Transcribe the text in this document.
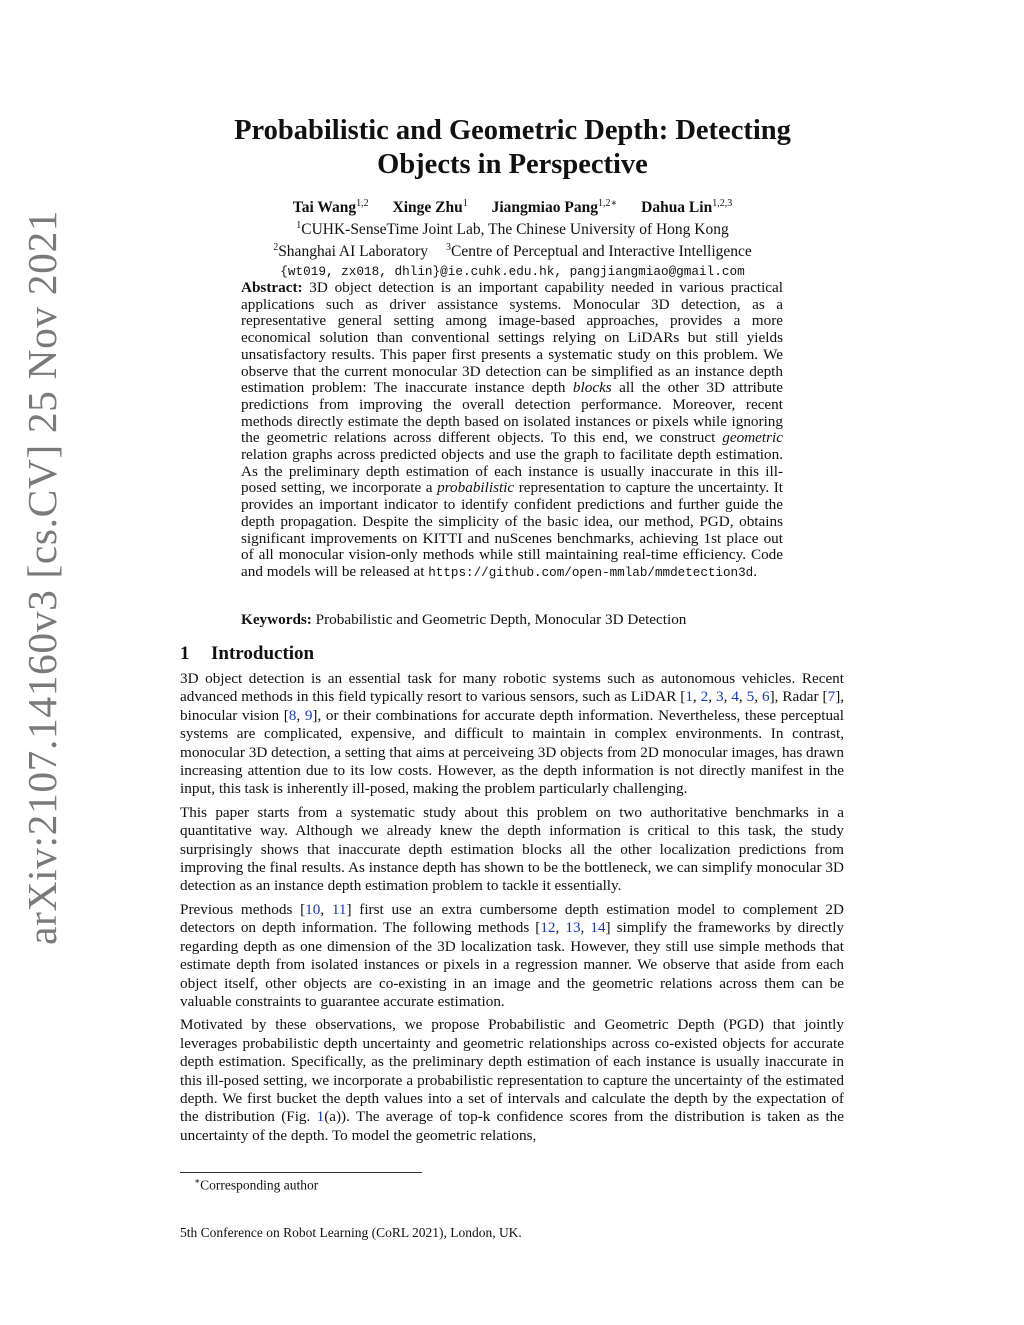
arXiv:2107.14160v3 [cs.CV] 25 Nov 2021
Probabilistic and Geometric Depth: Detecting
Objects in Perspective
Tai Wang$^{1,2}$ Xinge Zhu$^1$ Jiangmiao Pang$^{1,2∗}$ Dahua Lin$^{1,2,3}$
$^1$CUHK-SenseTime Joint Lab, The Chinese University of Hong Kong
$^2$Shanghai AI Laboratory $^3$Centre of Perceptual and Interactive Intelligence
{wt019, zx018, dhlin}@ie.cuhk.edu.hk, pangjiangmiao@gmail.com
Abstract: 3D object detection is an important capability needed in various practical applications such as driver assistance systems. Monocular 3D detection, as a representative general setting among image-based approaches, provides a more economical solution than conventional settings relying on LiDARs but still yields unsatisfactory results. This paper first presents a systematic study on this problem. We observe that the current monocular 3D detection can be simplified as an instance depth estimation problem: The inaccurate instance depth blocks all the other 3D attribute predictions from improving the overall detection performance. Moreover, recent methods directly estimate the depth based on isolated instances or pixels while ignoring the geometric relations across different objects. To this end, we construct geometric relation graphs across predicted objects and use the graph to facilitate depth estimation. As the preliminary depth estimation of each instance is usually inaccurate in this ill-posed setting, we incorporate a probabilistic representation to capture the uncertainty. It provides an important indicator to identify confident predictions and further guide the depth propagation. Despite the simplicity of the basic idea, our method, PGD, obtains significant improvements on KITTI and nuScenes benchmarks, achieving 1st place out of all monocular vision-only methods while still maintaining real-time efficiency. Code and models will be released at https://github.com/open-mmlab/mmdetection3d.
Keywords: Probabilistic and Geometric Depth, Monocular 3D Detection
1 Introduction

3D object detection is an essential task for many robotic systems such as autonomous vehicles. Recent advanced methods in this field typically resort to various sensors, such as LiDAR [1, 2, 3, 4, 5, 6], Radar [7], binocular vision [8, 9], or their combinations for accurate depth information. Nevertheless, these perceptual systems are complicated, expensive, and difficult to maintain in complex environments. In contrast, monocular 3D detection, a setting that aims at perceiveing 3D objects from 2D monocular images, has drawn increasing attention due to its low costs. However, as the depth information is not directly manifest in the input, this task is inherently ill-posed, making the problem particularly challenging.

This paper starts from a systematic study about this problem on two authoritative benchmarks in a quantitative way. Although we already knew the depth information is critical to this task, the study surprisingly shows that inaccurate depth estimation blocks all the other localization predictions from improving the final results. As instance depth has shown to be the bottleneck, we can simplify monocular 3D detection as an instance depth estimation problem to tackle it essentially.

Previous methods [10, 11] first use an extra cumbersome depth estimation model to complement 2D detectors on depth information. The following methods [12, 13, 14] simplify the frameworks by directly regarding depth as one dimension of the 3D localization task. However, they still use simple methods that estimate depth from isolated instances or pixels in a regression manner. We observe that aside from each object itself, other objects are co-existing in an image and the geometric relations across them can be valuable constraints to guarantee accurate estimation.

Motivated by these observations, we propose Probabilistic and Geometric Depth (PGD) that jointly leverages probabilistic depth uncertainty and geometric relationships across co-existed objects for accurate depth estimation. Specifically, as the preliminary depth estimation of each instance is usually inaccurate in this ill-posed setting, we incorporate a probabilistic representation to capture the uncertainty of the estimated depth. We first bucket the depth values into a set of intervals and calculate the depth by the expectation of the distribution (Fig. 1(a)). The average of top-k confidence scores from the distribution is taken as the uncertainty of the depth. To model the geometric relations,

∗Corresponding author
5th Conference on Robot Learning (CoRL 2021), London, UK.
